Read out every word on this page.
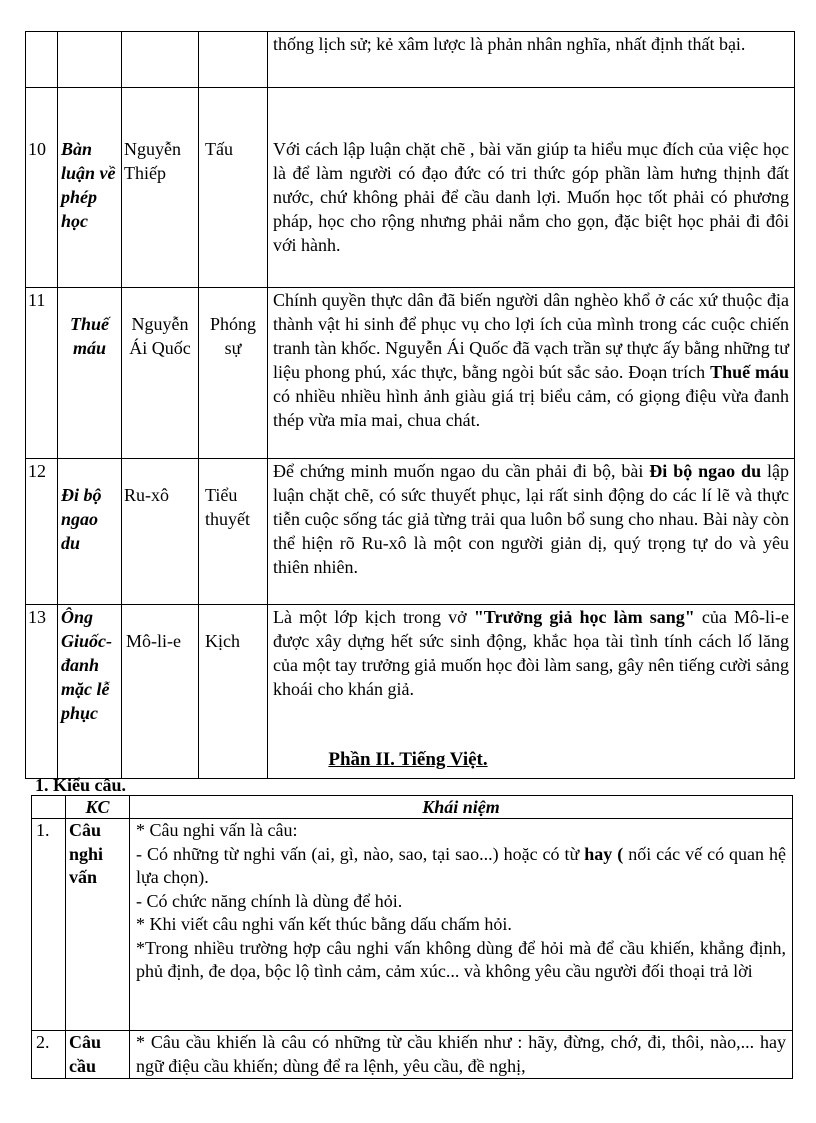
				thống lịch sử; kẻ xâm lược là phản nhân nghĩa, nhất định thất bại.
10	Bàn luận về phép học	Nguyễn Thiếp	Tấu	Với cách lập luận chặt chẽ , bài văn giúp ta hiểu mục đích của việc học là để làm người có đạo đức có tri thức góp phần làm hưng thịnh đất nước, chứ không phải để cầu danh lợi. Muốn học tốt phải có phương pháp, học cho rộng nhưng phải nắm cho gọn, đặc biệt học phải đi đôi với hành.
11	Thuế máu	Nguyễn Ái Quốc	Phóng sự	Chính quyền thực dân đã biến người dân nghèo khổ ở các xứ thuộc địa thành vật hi sinh để phục vụ cho lợi ích của mình trong các cuộc chiến tranh tàn khốc. Nguyễn Ái Quốc đã vạch trần sự thực ấy bằng những tư liệu phong phú, xác thực, bằng ngòi bút sắc sảo. Đoạn trích Thuế máu có nhiều nhiều hình ảnh giàu giá trị biểu cảm, có giọng điệu vừa đanh thép vừa mỉa mai, chua chát.
12	Đi bộ ngao du	Ru-xô	Tiểu thuyết	Để chứng minh muốn ngao du cần phải đi bộ, bài Đi bộ ngao du lập luận chặt chẽ, có sức thuyết phục, lại rất sinh động do các lí lẽ và thực tiễn cuộc sống tác giả từng trải qua luôn bổ sung cho nhau. Bài này còn thể hiện rõ Ru-xô là một con người giản dị, quý trọng tự do và yêu thiên nhiên.
13	Ông Giuốc-đanh mặc lễ phục	Mô-li-e	Kịch	Là một lớp kịch trong vở "Trưởng giả học làm sang" của Mô-li-e được xây dựng hết sức sinh động, khắc họa tài tình tính cách lố lăng của một tay trưởng giả muốn học đòi làm sang, gây nên tiếng cười sảng khoái cho khán giả.
Phần II. Tiếng Việt.
1. Kiểu câu.
	KC	Khái niệm
1.	Câu nghi vấn	* Câu nghi vấn là câu:
- Có những từ nghi vấn (ai, gì, nào, sao, tại sao...) hoặc có từ hay ( nối các vế có quan hệ lựa chọn).
- Có chức năng chính là dùng để hỏi.
* Khi viết câu nghi vấn kết thúc bằng dấu chấm hỏi.
*Trong nhiều trường hợp câu nghi vấn không dùng để hỏi mà để cầu khiến, khẳng định, phủ định, đe dọa, bộc lộ tình cảm, cảm xúc... và không yêu cầu người đối thoại trả lời

2.	Câu cầu	* Câu cầu khiến là câu có những từ cầu khiến như : hãy, đừng, chớ, đi, thôi, nào,... hay ngữ điệu cầu khiến; dùng để ra lệnh, yêu cầu, đề nghị,
